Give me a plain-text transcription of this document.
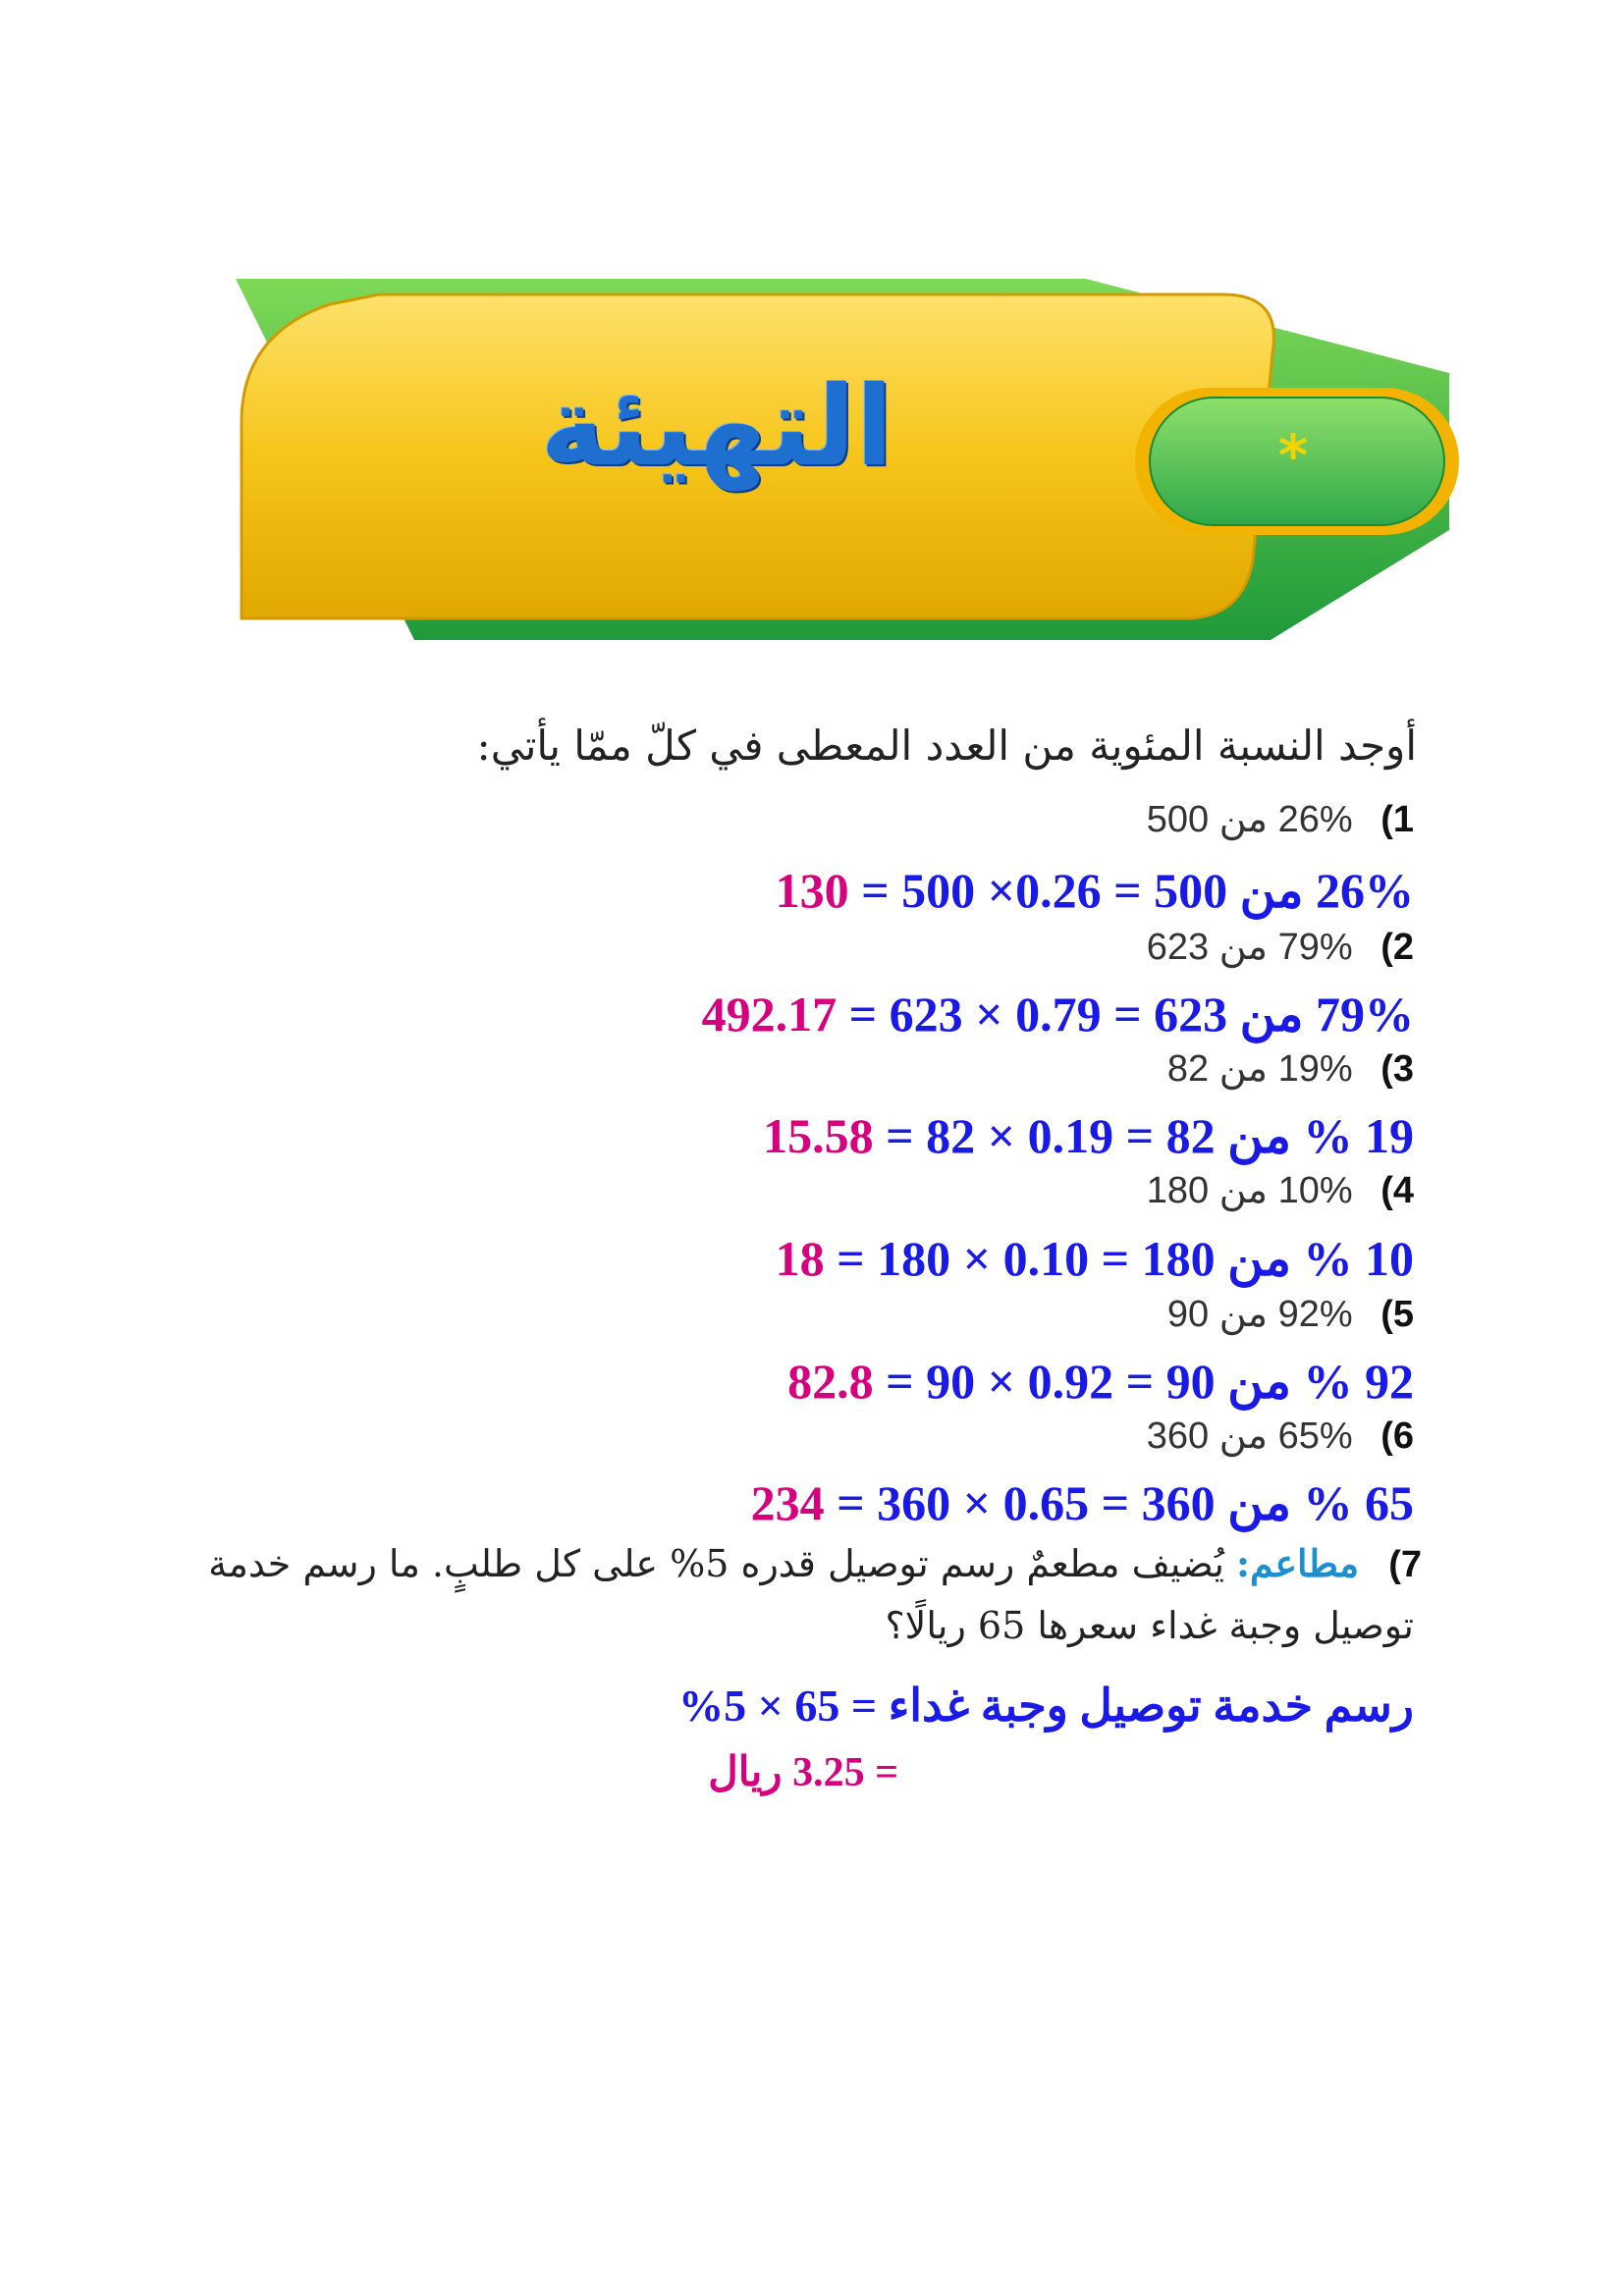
التهيئة	*
أوجد النسبة المئوية من العدد المعطى في كلّ ممّا يأتي:
1) 26% من 500
130 26% من 500 = 0.26× 500 =
2) 79% من 623
492.17 79% من 623 = 0.79 × 623 =
3) 19% من 82
15.58 19 % من 82 = 0.19 × 82 =
4) 10% من 180
18 10 % من 180 = 0.10 × 180 =
5) 92% من 90
82.8 92 % من 90 = 0.92 × 90 =
6) 65% من 360
234 65 % من 360 = 0.65 × 360 =
7) مطاعم: يُضيف مطعمٌ رسم توصيل قدره 5% على كل طلبٍ. ما رسم خدمة
توصيل وجبة غداء سعرها 65 ريالًا؟
رسم خدمة توصيل وجبة غداء = 65 × 5%
= 3.25 ريال
